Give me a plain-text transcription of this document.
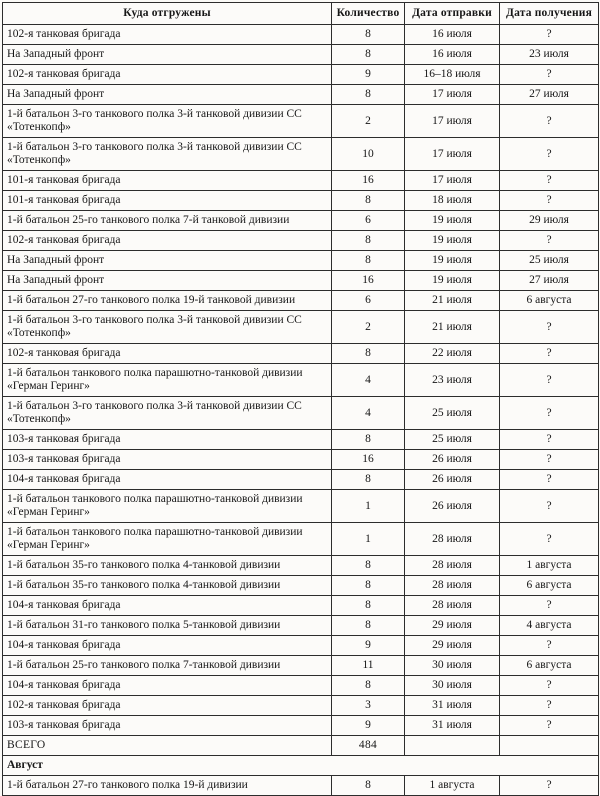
Куда отгружены	Количество	Дата отправки	Дата получения
102-я танковая бригада	8	16 июля	?
На Западный фронт	8	16 июля	23 июля
102-я танковая бригада	9	16–18 июля	?
На Западный фронт	8	17 июля	27 июля
1-й батальон 3-го танкового полка 3-й танковой дивизии СС «Тотенкопф»	2	17 июля	?
1-й батальон 3-го танкового полка 3-й танковой дивизии СС «Тотенкопф»	10	17 июля	?
101-я танковая бригада	16	17 июля	?
101-я танковая бригада	8	18 июля	?
1-й батальон 25-го танкового полка 7-й танковой дивизии	6	19 июля	29 июля
102-я танковая бригада	8	19 июля	?
На Западный фронт	8	19 июля	25 июля
На Западный фронт	16	19 июля	27 июля
1-й батальон 27-го танкового полка 19-й танковой дивизии	6	21 июля	6 августа
1-й батальон 3-го танкового полка 3-й танковой дивизии СС «Тотенкопф»	2	21 июля	?
102-я танковая бригада	8	22 июля	?
1-й батальон танкового полка парашютно-танковой дивизии «Герман Геринг»	4	23 июля	?
1-й батальон 3-го танкового полка 3-й танковой дивизии СС «Тотенкопф»	4	25 июля	?
103-я танковая бригада	8	25 июля	?
103-я танковая бригада	16	26 июля	?
104-я танковая бригада	8	26 июля	?
1-й батальон танкового полка парашютно-танковой дивизии «Герман Геринг»	1	26 июля	?
1-й батальон танкового полка парашютно-танковой дивизии «Герман Геринг»	1	28 июля	?
1-й батальон 35-го танкового полка 4-танковой дивизии	8	28 июля	1 августа
1-й батальон 35-го танкового полка 4-танковой дивизии	8	28 июля	6 августа
104-я танковая бригада	8	28 июля	?
1-й батальон 31-го танкового полка 5-танковой дивизии	8	29 июля	4 августа
104-я танковая бригада	9	29 июля	?
1-й батальон 25-го танкового полка 7-танковой дивизии	11	30 июля	6 августа
104-я танковая бригада	8	30 июля	?
102-я танковая бригада	3	31 июля	?
103-я танковая бригада	9	31 июля	?
ВСЕГО	484		
Август			
1-й батальон 27-го танкового полка 19-й дивизии	8	1 августа	?
